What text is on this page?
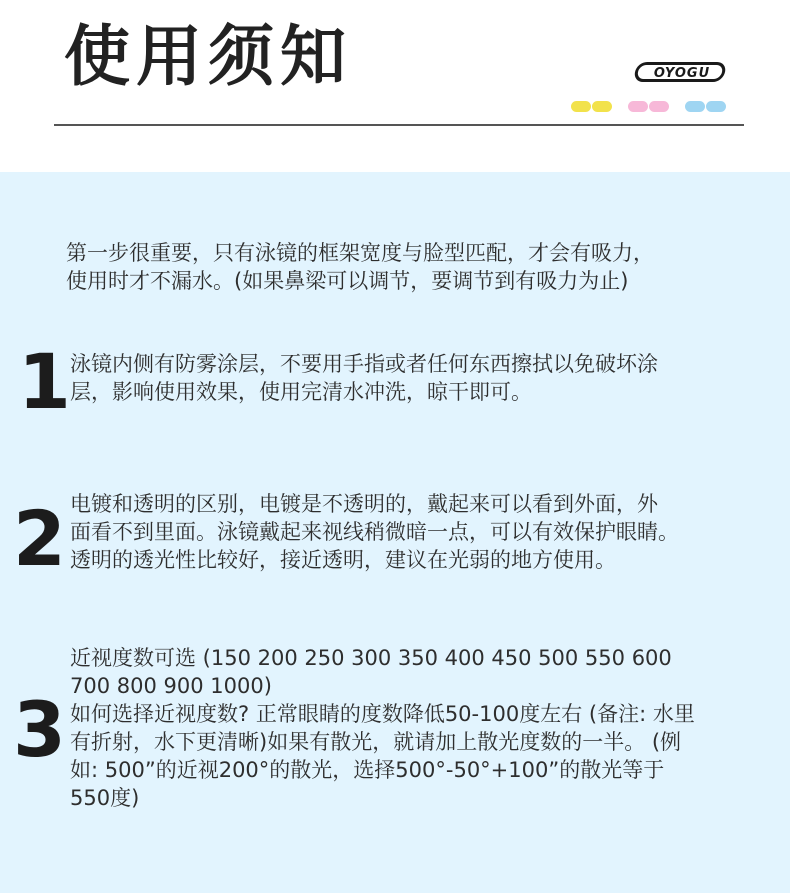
使用须知	OYOGU
第一步很重要，只有泳镜的框架宽度与脸型匹配，才会有吸力，
使用时才不漏水。(如果鼻梁可以调节，要调节到有吸力为止)
1 泳镜内侧有防雾涂层，不要用手指或者任何东西擦拭以免破坏涂
层，影响使用效果，使用完清水冲洗，晾干即可。
2 电镀和透明的区别，电镀是不透明的，戴起来可以看到外面，外
面看不到里面。泳镜戴起来视线稍微暗一点，可以有效保护眼睛。
透明的透光性比较好，接近透明，建议在光弱的地方使用。
3
近视度数可选 (150 200 250 300 350 400 450 500 550 600
700 800 900 1000)
如何选择近视度数? 正常眼睛的度数降低50-100度左右 (备注: 水里
有折射，水下更清晰)如果有散光，就请加上散光度数的一半。 (例
如: 500”的近视200°的散光，选择500°-50°+100”的散光等于
550度)
